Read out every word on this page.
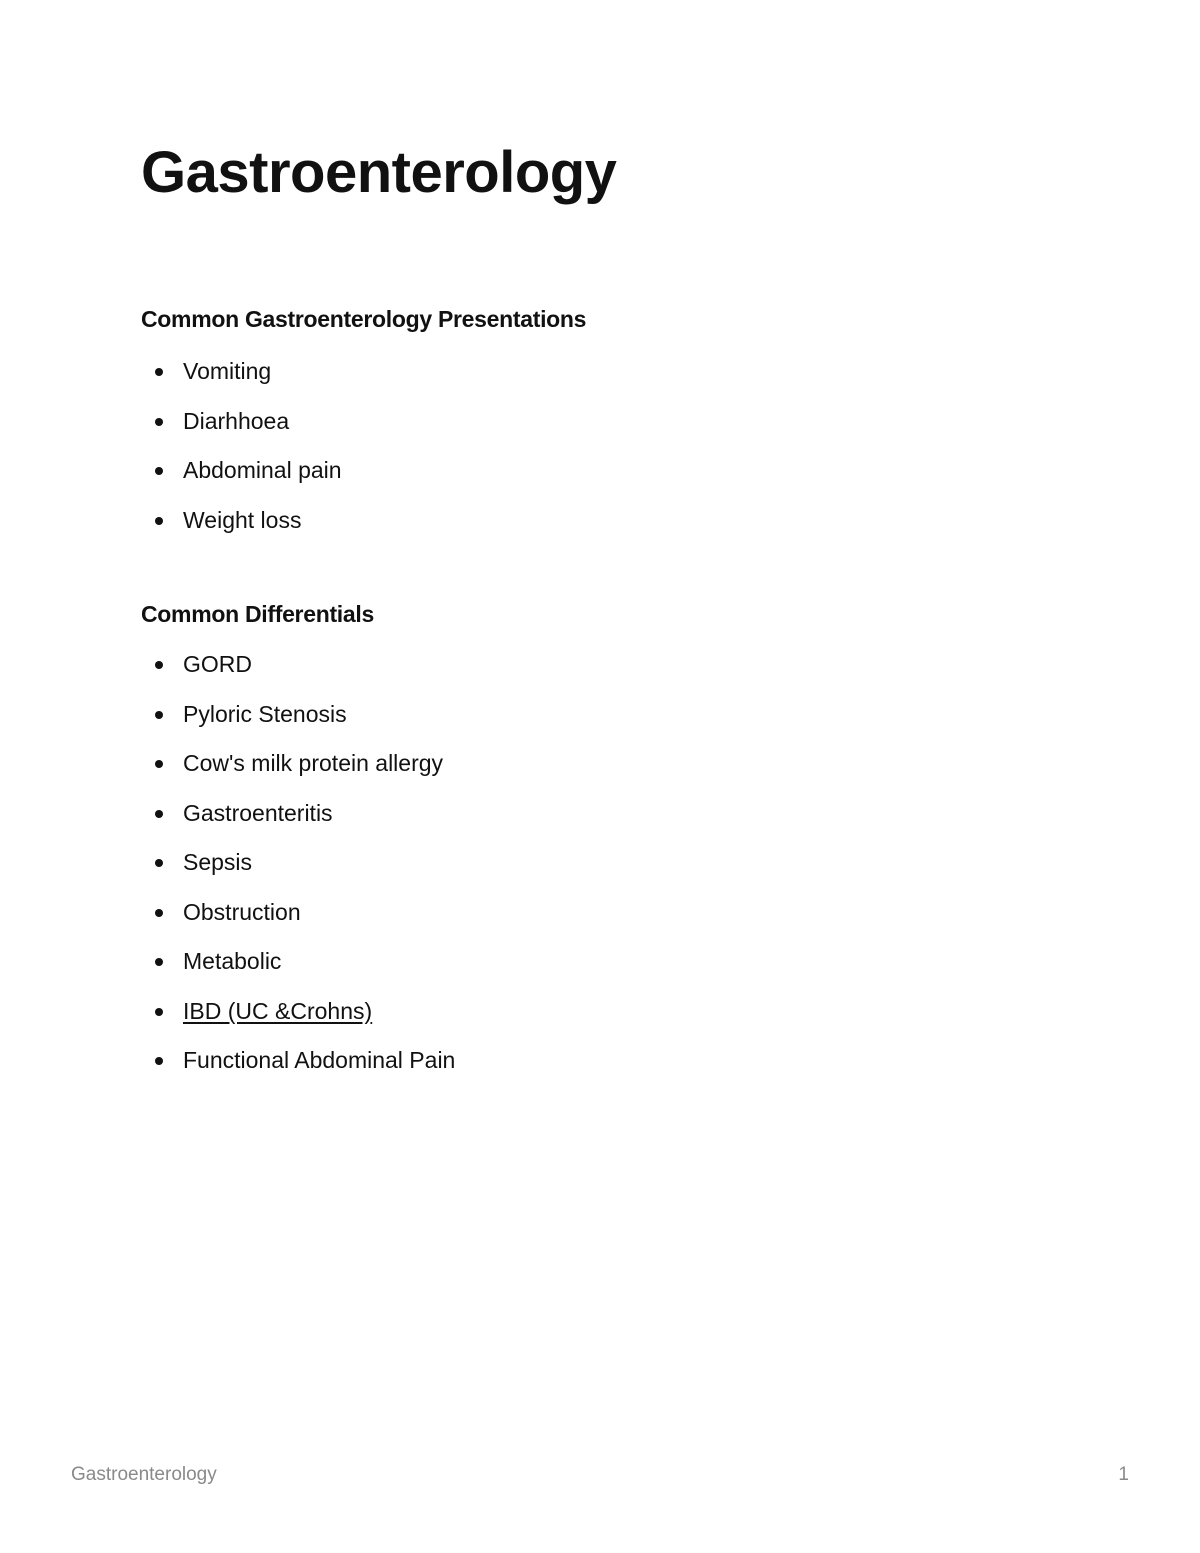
Gastroenterology
Common Gastroenterology Presentations
Vomiting
Diarhhoea
Abdominal pain
Weight loss
Common Differentials
GORD
Pyloric Stenosis
Cow's milk protein allergy
Gastroenteritis
Sepsis
Obstruction
Metabolic
IBD (UC &Crohns)
Functional Abdominal Pain
Gastroenterology	1
